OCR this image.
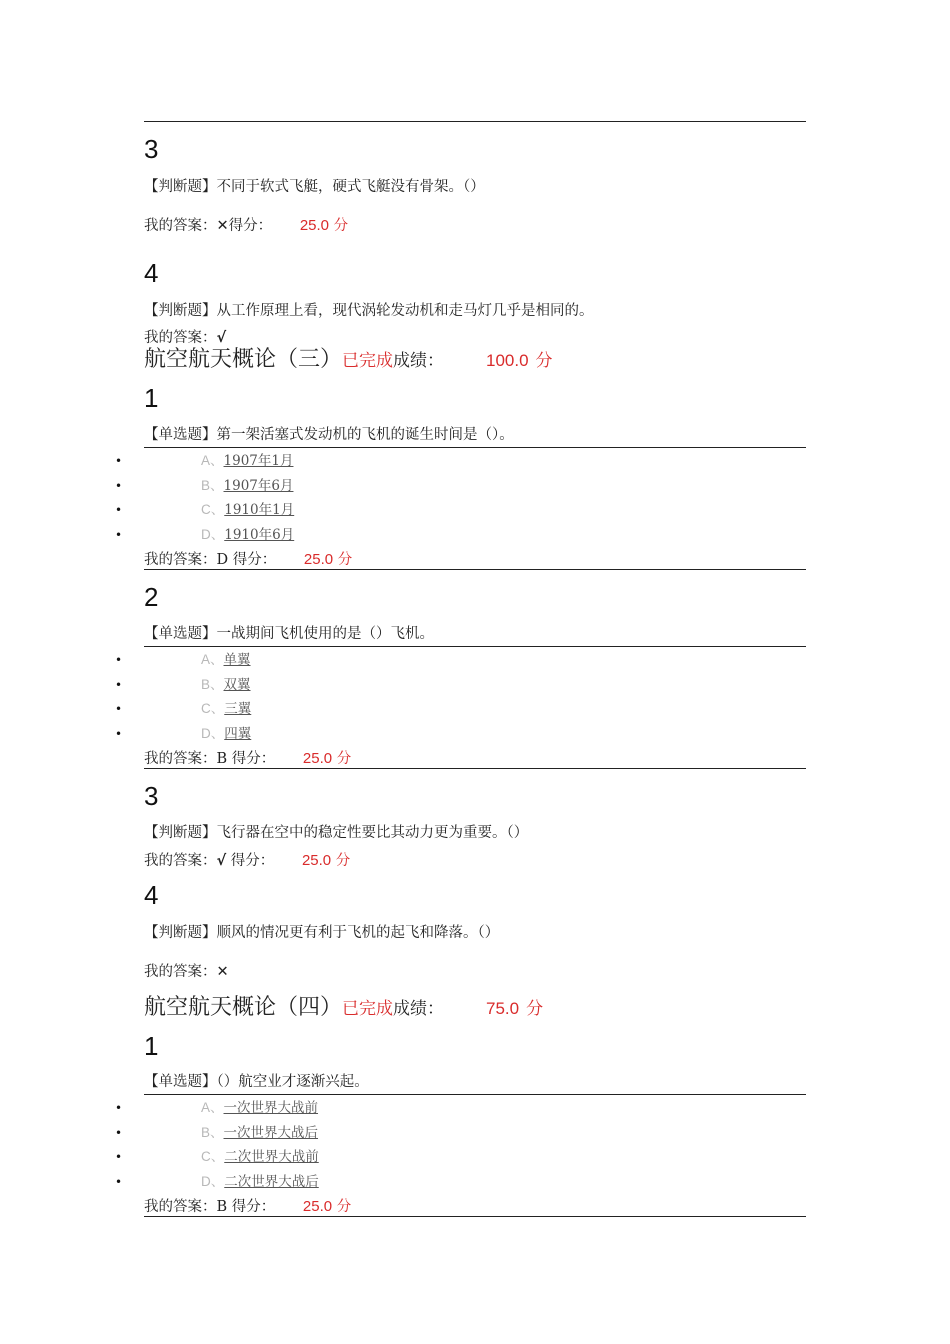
3
【判断题】不同于软式飞艇，硬式飞艇没有骨架。（）
我的答案：✕得分： 25.0 分
4
【判断题】从工作原理上看，现代涡轮发动机和走马灯几乎是相同的。
我的答案：√
航空航天概论（三）已完成成绩： 100.0 分
1
【单选题】第一架活塞式发动机的飞机的诞生时间是（）。
•	A、1907年1月
•	B、1907年6月
•	C、1910年1月
•	D、1910年6月
我的答案：D 得分： 25.0 分
2
【单选题】一战期间飞机使用的是（）飞机。
•	A、单翼
•	B、双翼
•	C、三翼
•	D、四翼
我的答案：B 得分： 25.0 分
3
【判断题】飞行器在空中的稳定性要比其动力更为重要。（）
我的答案：√ 得分： 25.0 分
4
【判断题】顺风的情况更有利于飞机的起飞和降落。（）
我的答案：✕
航空航天概论（四）已完成成绩： 75.0 分
1
【单选题】（）航空业才逐渐兴起。
•	A、一次世界大战前
•	B、一次世界大战后
•	C、二次世界大战前
•	D、二次世界大战后
我的答案：B 得分： 25.0 分
